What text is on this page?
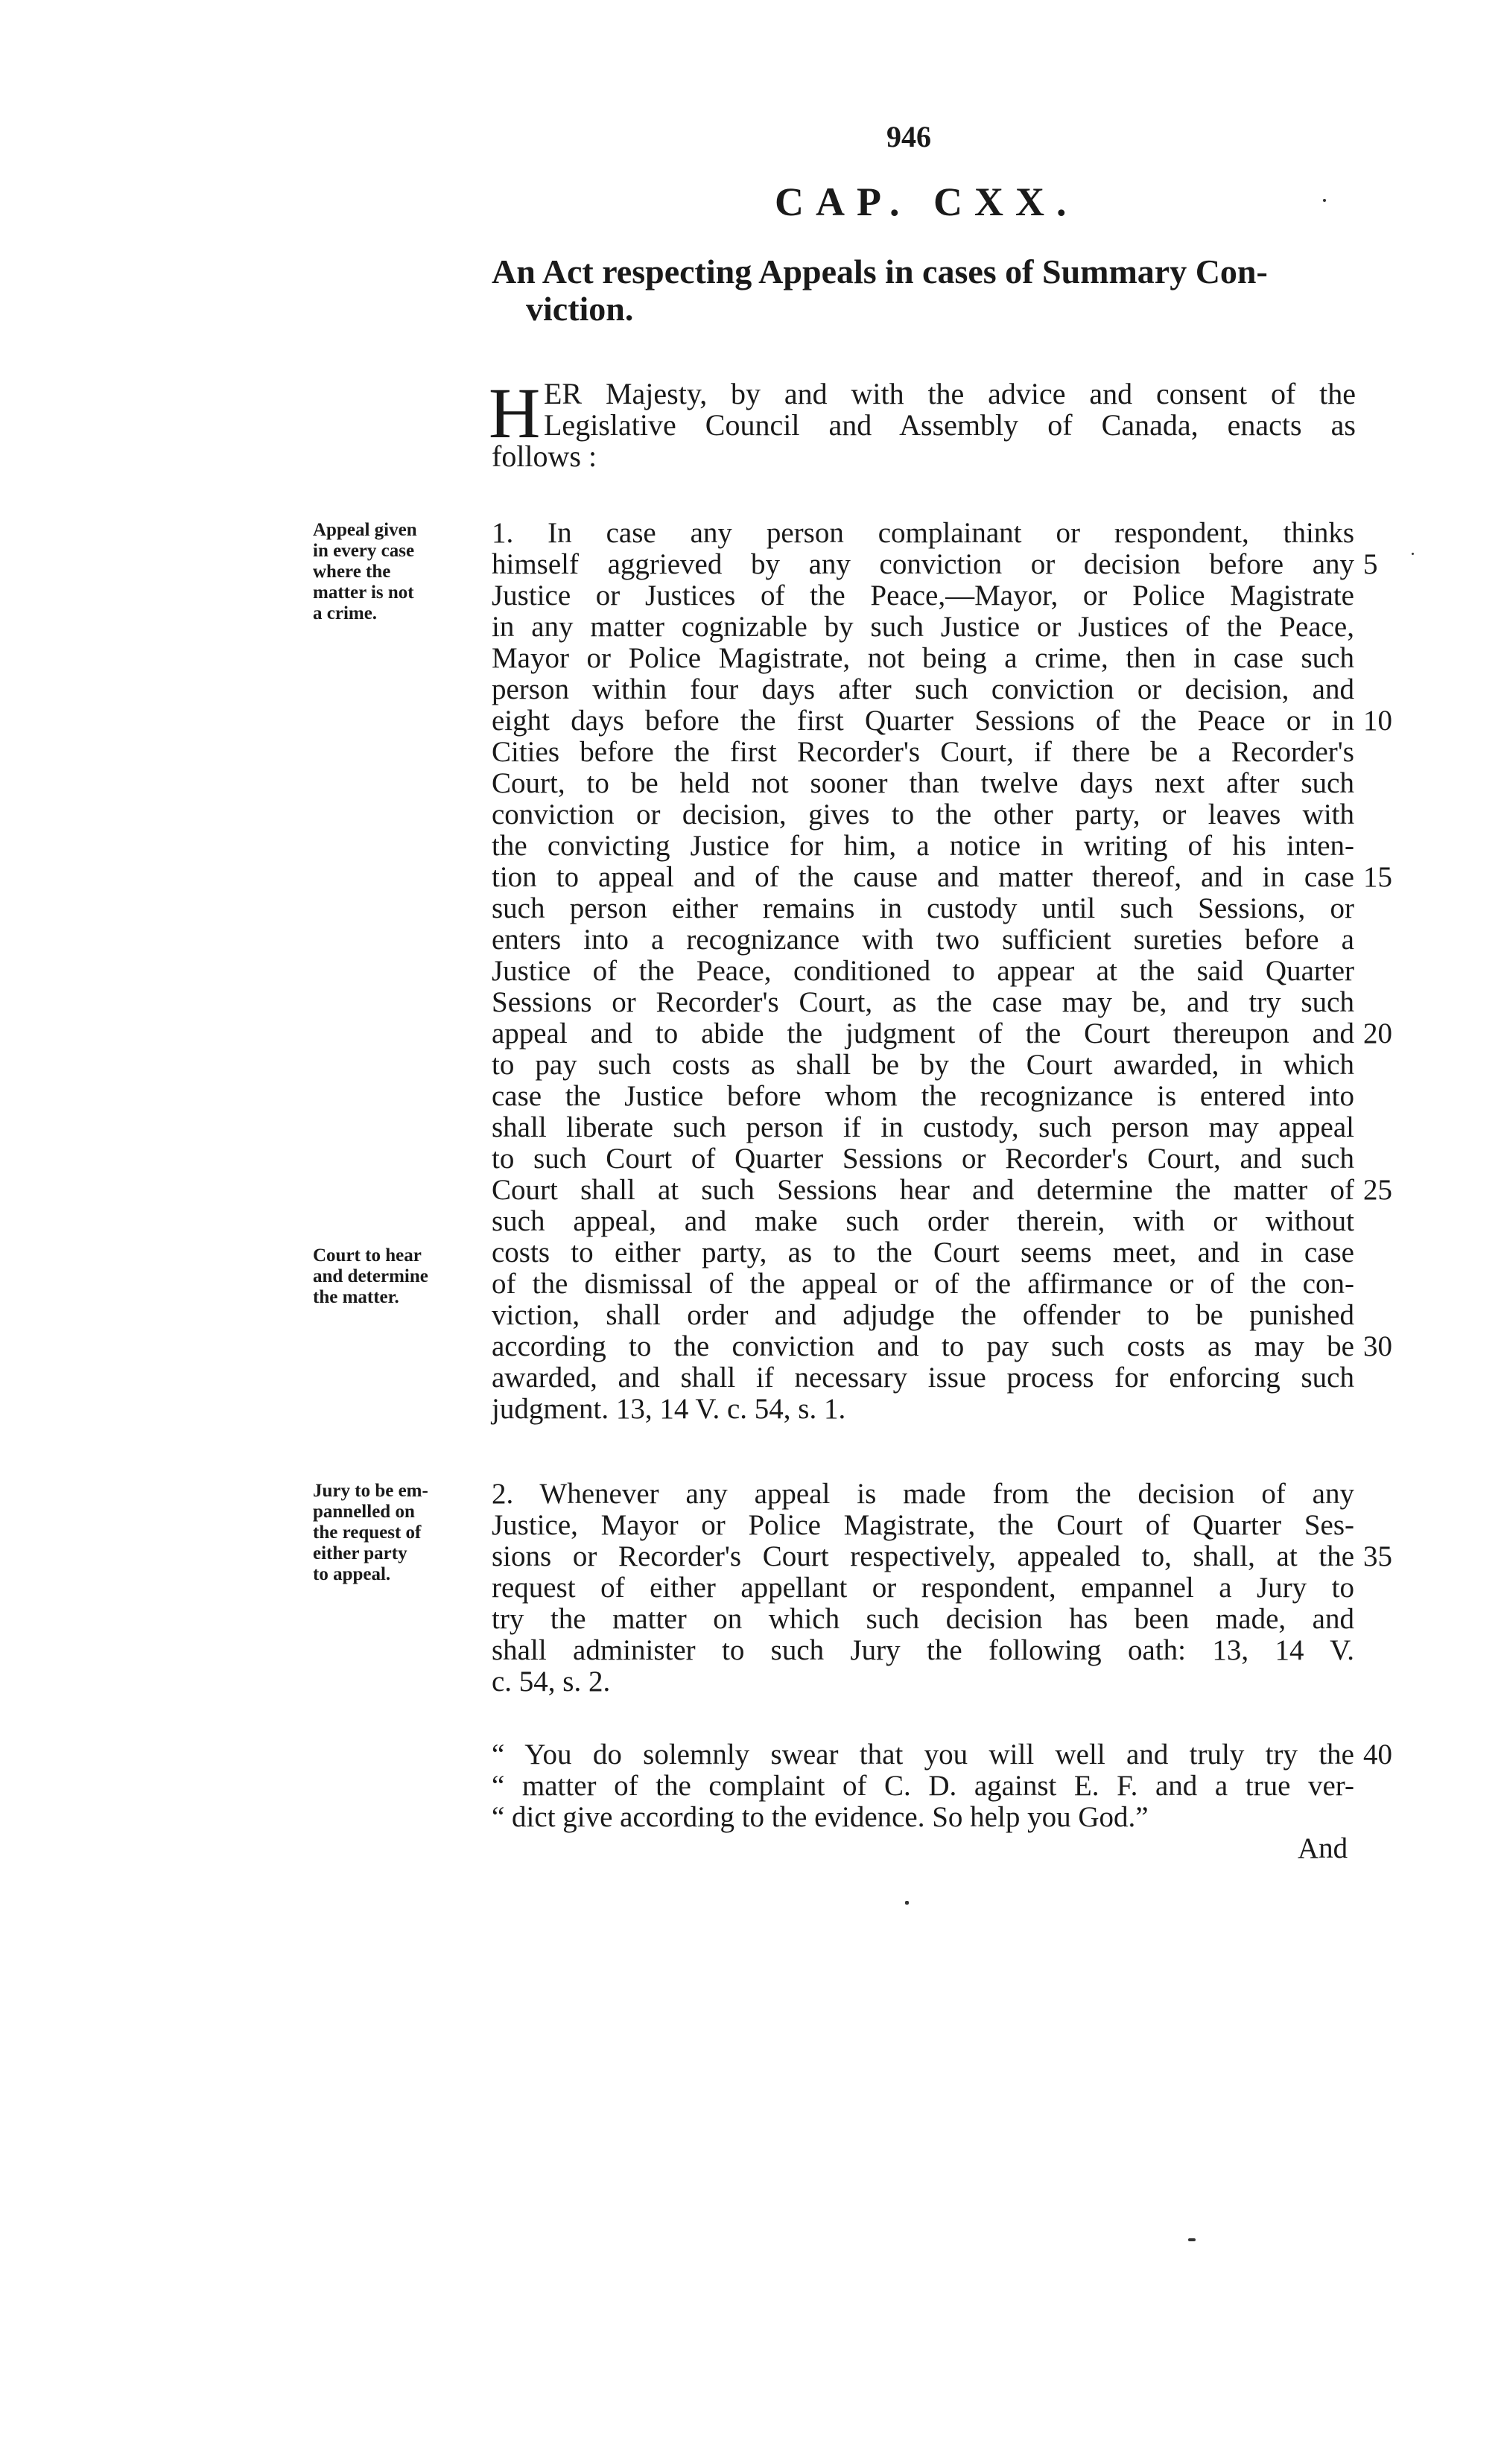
946
CAP. CXX.
An Act respecting Appeals in cases of Summary Con-
viction.
H ER Majesty, by and with the advice and consent of the
Legislative Council and Assembly of Canada, enacts as
follows :
Appeal given
in every case
where the
matter is not
a crime.
Court to hear
and determine
the matter.
Jury to be em-
pannelled on
the request of
either party
to appeal.
1. In case any person complainant or respondent, thinks
himself aggrieved by any conviction or decision before any
Justice or Justices of the Peace,—Mayor, or Police Magistrate
in any matter cognizable by such Justice or Justices of the Peace,
Mayor or Police Magistrate, not being a crime, then in case such
person within four days after such conviction or decision, and
eight days before the first Quarter Sessions of the Peace or in
Cities before the first Recorder's Court, if there be a Recorder's
Court, to be held not sooner than twelve days next after such
conviction or decision, gives to the other party, or leaves with
the convicting Justice for him, a notice in writing of his inten-
tion to appeal and of the cause and matter thereof, and in case
such person either remains in custody until such Sessions, or
enters into a recognizance with two sufficient sureties before a
Justice of the Peace, conditioned to appear at the said Quarter
Sessions or Recorder's Court, as the case may be, and try such
appeal and to abide the judgment of the Court thereupon and
to pay such costs as shall be by the Court awarded, in which
case the Justice before whom the recognizance is entered into
shall liberate such person if in custody, such person may appeal
to such Court of Quarter Sessions or Recorder's Court, and such
Court shall at such Sessions hear and determine the matter of
such appeal, and make such order therein, with or without
costs to either party, as to the Court seems meet, and in case
of the dismissal of the appeal or of the affirmance or of the con-
viction, shall order and adjudge the offender to be punished
according to the conviction and to pay such costs as may be
awarded, and shall if necessary issue process for enforcing such
judgment. 13, 14 V. c. 54, s. 1.
2. Whenever any appeal is made from the decision of any
Justice, Mayor or Police Magistrate, the Court of Quarter Ses-
sions or Recorder's Court respectively, appealed to, shall, at the
request of either appellant or respondent, empannel a Jury to
try the matter on which such decision has been made, and
shall administer to such Jury the following oath: 13, 14 V.
c. 54, s. 2.
“ You do solemnly swear that you will well and truly try the
“ matter of the complaint of C. D. against E. F. and a true ver-
“ dict give according to the evidence. So help you God.”
And
5
10
15
20
25
30
35
40
